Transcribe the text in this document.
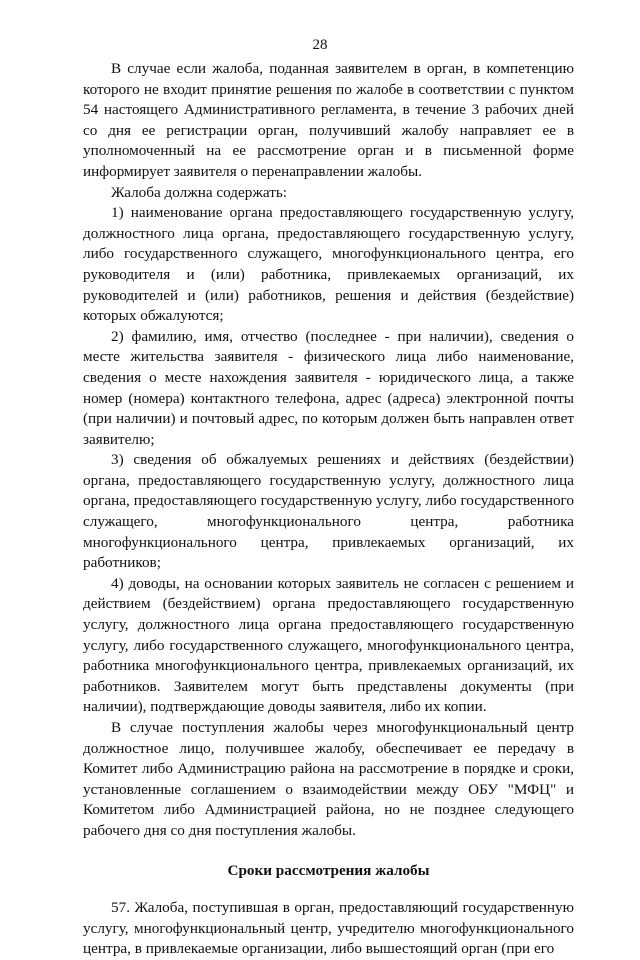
28

В случае если жалоба, поданная заявителем в орган, в компетенцию которого не входит принятие решения по жалобе в соответствии с пунктом 54 настоящего Административного регламента, в течение 3 рабочих дней со дня ее регистрации орган, получивший жалобу направляет ее в уполномоченный на ее рассмотрение орган и в письменной форме информирует заявителя о перенаправлении жалобы.

Жалоба должна содержать:

1) наименование органа предоставляющего государственную услугу, должностного лица органа, предоставляющего государственную услугу, либо государственного служащего, многофункционального центра, его руководителя и (или) работника, привлекаемых организаций, их руководителей и (или) работников, решения и действия (бездействие) которых обжалуются;

2) фамилию, имя, отчество (последнее - при наличии), сведения о месте жительства заявителя - физического лица либо наименование, сведения о месте нахождения заявителя - юридического лица, а также номер (номера) контактного телефона, адрес (адреса) электронной почты (при наличии) и почтовый адрес, по которым должен быть направлен ответ заявителю;

3) сведения об обжалуемых решениях и действиях (бездействии) органа, предоставляющего государственную услугу, должностного лица органа, предоставляющего государственную услугу, либо государственного служащего, многофункционального центра, работника многофункционального центра, привлекаемых организаций, их работников;

4) доводы, на основании которых заявитель не согласен с решением и действием (бездействием) органа предоставляющего государственную услугу, должностного лица органа предоставляющего государственную услугу, либо государственного служащего, многофункционального центра, работника многофункционального центра, привлекаемых организаций, их работников. Заявителем могут быть представлены документы (при наличии), подтверждающие доводы заявителя, либо их копии.

В случае поступления жалобы через многофункциональный центр должностное лицо, получившее жалобу, обеспечивает ее передачу в Комитет либо Администрацию района на рассмотрение в порядке и сроки, установленные соглашением о взаимодействии между ОБУ "МФЦ" и Комитетом либо Администрацией района, но не позднее следующего рабочего дня со дня поступления жалобы.

Сроки рассмотрения жалобы

57. Жалоба, поступившая в орган, предоставляющий государственную услугу, многофункциональный центр, учредителю многофункционального центра, в привлекаемые организации, либо вышестоящий орган (при его
